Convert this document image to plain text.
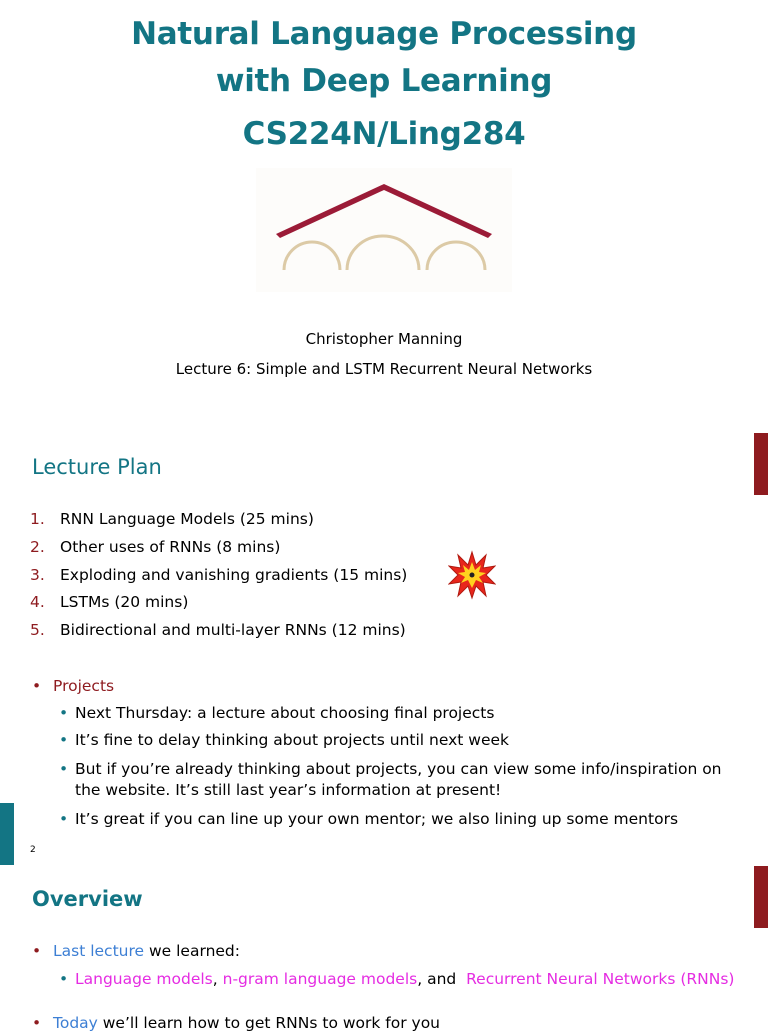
Natural Language Processing
with Deep Learning
CS224N/Ling284
Christopher Manning
Lecture 6: Simple and LSTM Recurrent Neural Networks
Lecture Plan
1. RNN Language Models (25 mins)
2. Other uses of RNNs (8 mins)
3. Exploding and vanishing gradients (15 mins)
4. LSTMs (20 mins)
5. Bidirectional and multi-layer RNNs (12 mins)
• Projects
• Next Thursday: a lecture about choosing final projects
• It’s fine to delay thinking about projects until next week
• But if you’re already thinking about projects, you can view some info/inspiration on the website. It’s still last year’s information at present!
• It’s great if you can line up your own mentor; we also lining up some mentors
2
Overview
• Last lecture we learned:
• Language models, n-gram language models, and  Recurrent Neural Networks (RNNs)
• Today we’ll learn how to get RNNs to work for you
